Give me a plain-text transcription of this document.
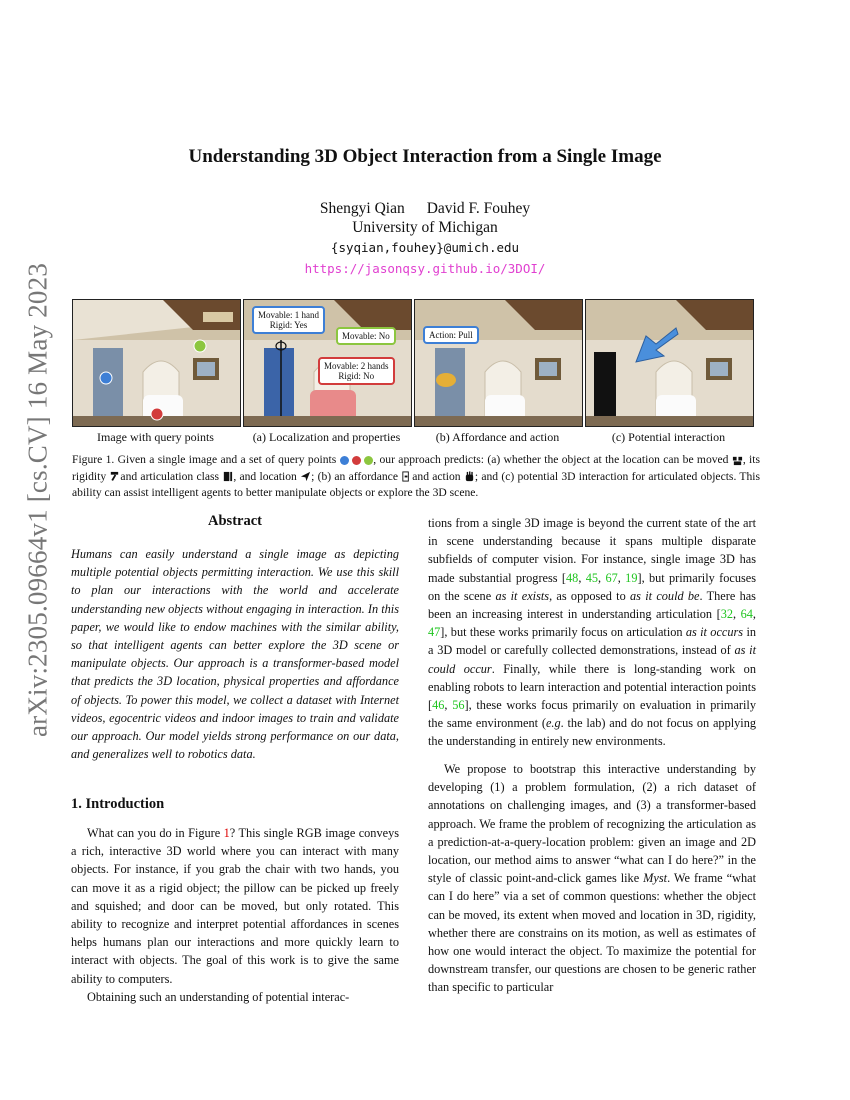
arXiv:2305.09664v1 [cs.CV] 16 May 2023
Understanding 3D Object Interaction from a Single Image
Shengyi Qian David F. Fouhey
University of Michigan
{syqian,fouhey}@umich.edu
https://jasonqsy.github.io/3DOI/
Movable: 1 hand
Rigid: Yes
Movable: No
Movable: 2 hands
Rigid: No
Action: Pull
Image with query points	(a) Localization and properties	(b) Affordance and action	(c) Potential interaction
Figure 1. Given a single image and a set of query points	, our approach predicts: (a) whether the object at the location can be moved , its rigidity and articulation class , and location ; (b) an affordance and action ; and (c) potential 3D interaction for articulated objects. This ability can assist intelligent agents to better manipulate objects or explore the 3D scene.
Abstract
Humans can easily understand a single image as depicting multiple potential objects permitting interaction. We use this skill to plan our interactions with the world and accelerate understanding new objects without engaging in interaction. In this paper, we would like to endow machines with the similar ability, so that intelligent agents can better explore the 3D scene or manipulate objects. Our approach is a transformer-based model that predicts the 3D location, physical properties and affordance of objects. To power this model, we collect a dataset with Internet videos, egocentric videos and indoor images to train and validate our approach. Our model yields strong performance on our data, and generalizes well to robotics data.
1. Introduction

What can you do in Figure 1? This single RGB image conveys a rich, interactive 3D world where you can interact with many objects. For instance, if you grab the chair with two hands, you can move it as a rigid object; the pillow can be picked up freely and squished; and door can be moved, but only rotated. This ability to recognize and interpret potential affordances in scenes helps humans plan our interactions and more quickly learn to interact with objects. The goal of this work is to give the same ability to computers.

Obtaining such an understanding of potential interac-

tions from a single 3D image is beyond the current state of the art in scene understanding because it spans multiple disparate subfields of computer vision. For instance, single image 3D has made substantial progress [48, 45, 67, 19], but primarily focuses on the scene as it exists, as opposed to as it could be. There has been an increasing interest in understanding articulation [32, 64, 47], but these works primarily focus on articulation as it occurs in a 3D model or carefully collected demonstrations, instead of as it could occur. Finally, while there is long-standing work on enabling robots to learn interaction and potential interaction points [46, 56], these works focus primarily on evaluation in primarily the same environment (e.g. the lab) and do not focus on applying the understanding in entirely new environments.

We propose to bootstrap this interactive understanding by developing (1) a problem formulation, (2) a rich dataset of annotations on challenging images, and (3) a transformer-based approach. We frame the problem of recognizing the articulation as a prediction-at-a-query-location problem: given an image and 2D location, our method aims to answer “what can I do here?” in the style of classic point-and-click games like Myst. We frame “what can I do here” via a set of common questions: whether the object can be moved, its extent when moved and location in 3D, rigidity, whether there are constrains on its motion, as well as estimates of how one would interact the object. To maximize the potential for downstream transfer, our questions are chosen to be generic rather than specific to particular
